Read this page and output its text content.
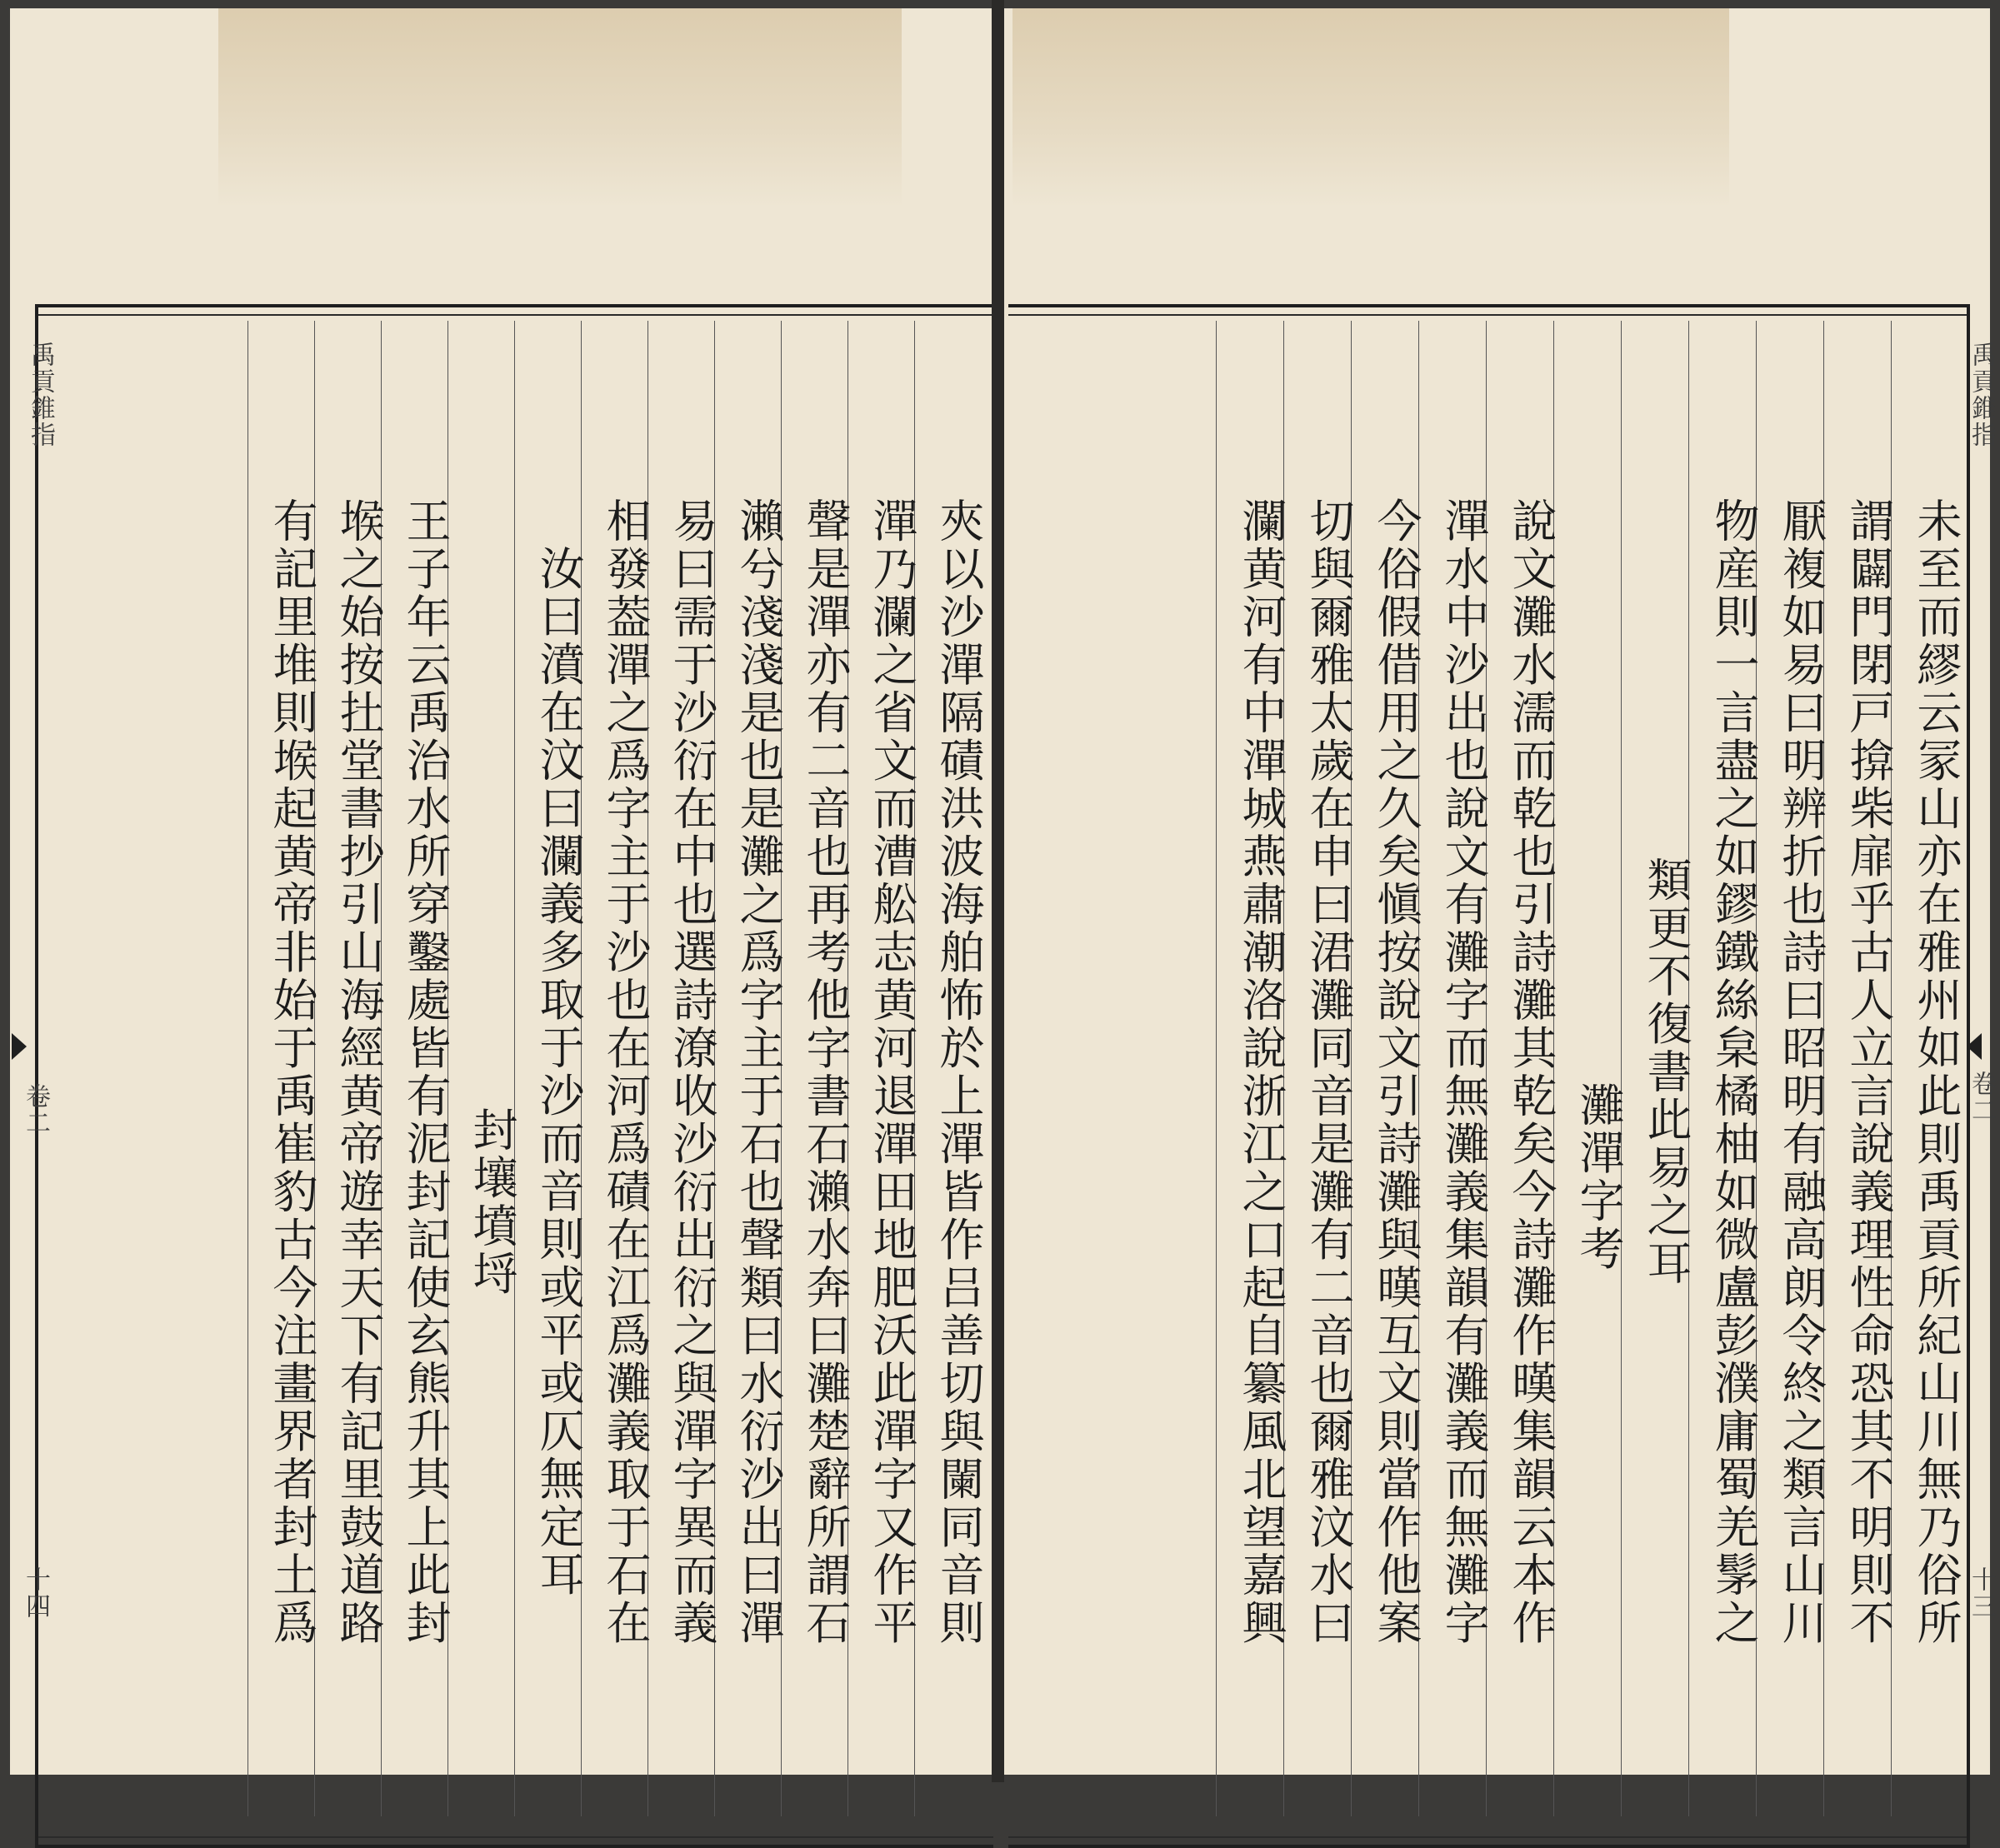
禹貢錐指
卷二
十四	夾以沙潬隔磧洪波海舶怖於上潬皆作吕善切與闌同音則
潬乃瀾之省文而漕舩志黄河退潬田地肥沃此潬字又作平
聲是潬亦有二音也再考他字書石瀨水奔曰灘楚辭所謂石
瀨兮淺淺是也是灘之爲字主于石也聲類曰水衍沙出曰潬
易曰需于沙衍在中也選詩潦收沙衍出衍之與潬字異而義
相發葢潬之爲字主于沙也在河爲磧在江爲灘義取于石在
汝曰濆在汶曰瀾義多取于沙而音則或平或仄無定耳
封壤墳埒
王子年云禹治水所穿鑿處皆有泥封記使玄熊升其上此封
堠之始按扗堂書抄引山海經黄帝遊幸天下有記里鼓道路
有記里堆則堠起黄帝非始于禹崔豹古今注畫界者封土爲
禹貢錐指
卷二
十三
未至而繆云冡山亦在雅州如此則禹貢所紀山川無乃俗所
謂闢門閉戸揜柴扉乎古人立言說義理性命恐其不明則不
厭複如易曰明辨折也詩曰昭明有融高朗令終之類言山川
物産則一言盡之如鏐鐵絲枲橘柚如微盧彭濮庸蜀羌髳之
類更不復書此易之耳
灘潬字考
說文灘水濡而乾也引詩灘其乾矣今詩灘作暵集韻云本作
潬水中沙出也說文有灘字而無灘義集韻有灘義而無灘字
今俗假借用之久矣愼按說文引詩灘與暵互文則當作他案
切與爾雅太歲在申曰涒灘同音是灘有二音也爾雅汶水曰
瀾黄河有中潬城燕肅潮洛說浙江之口起自纂風北望嘉興
